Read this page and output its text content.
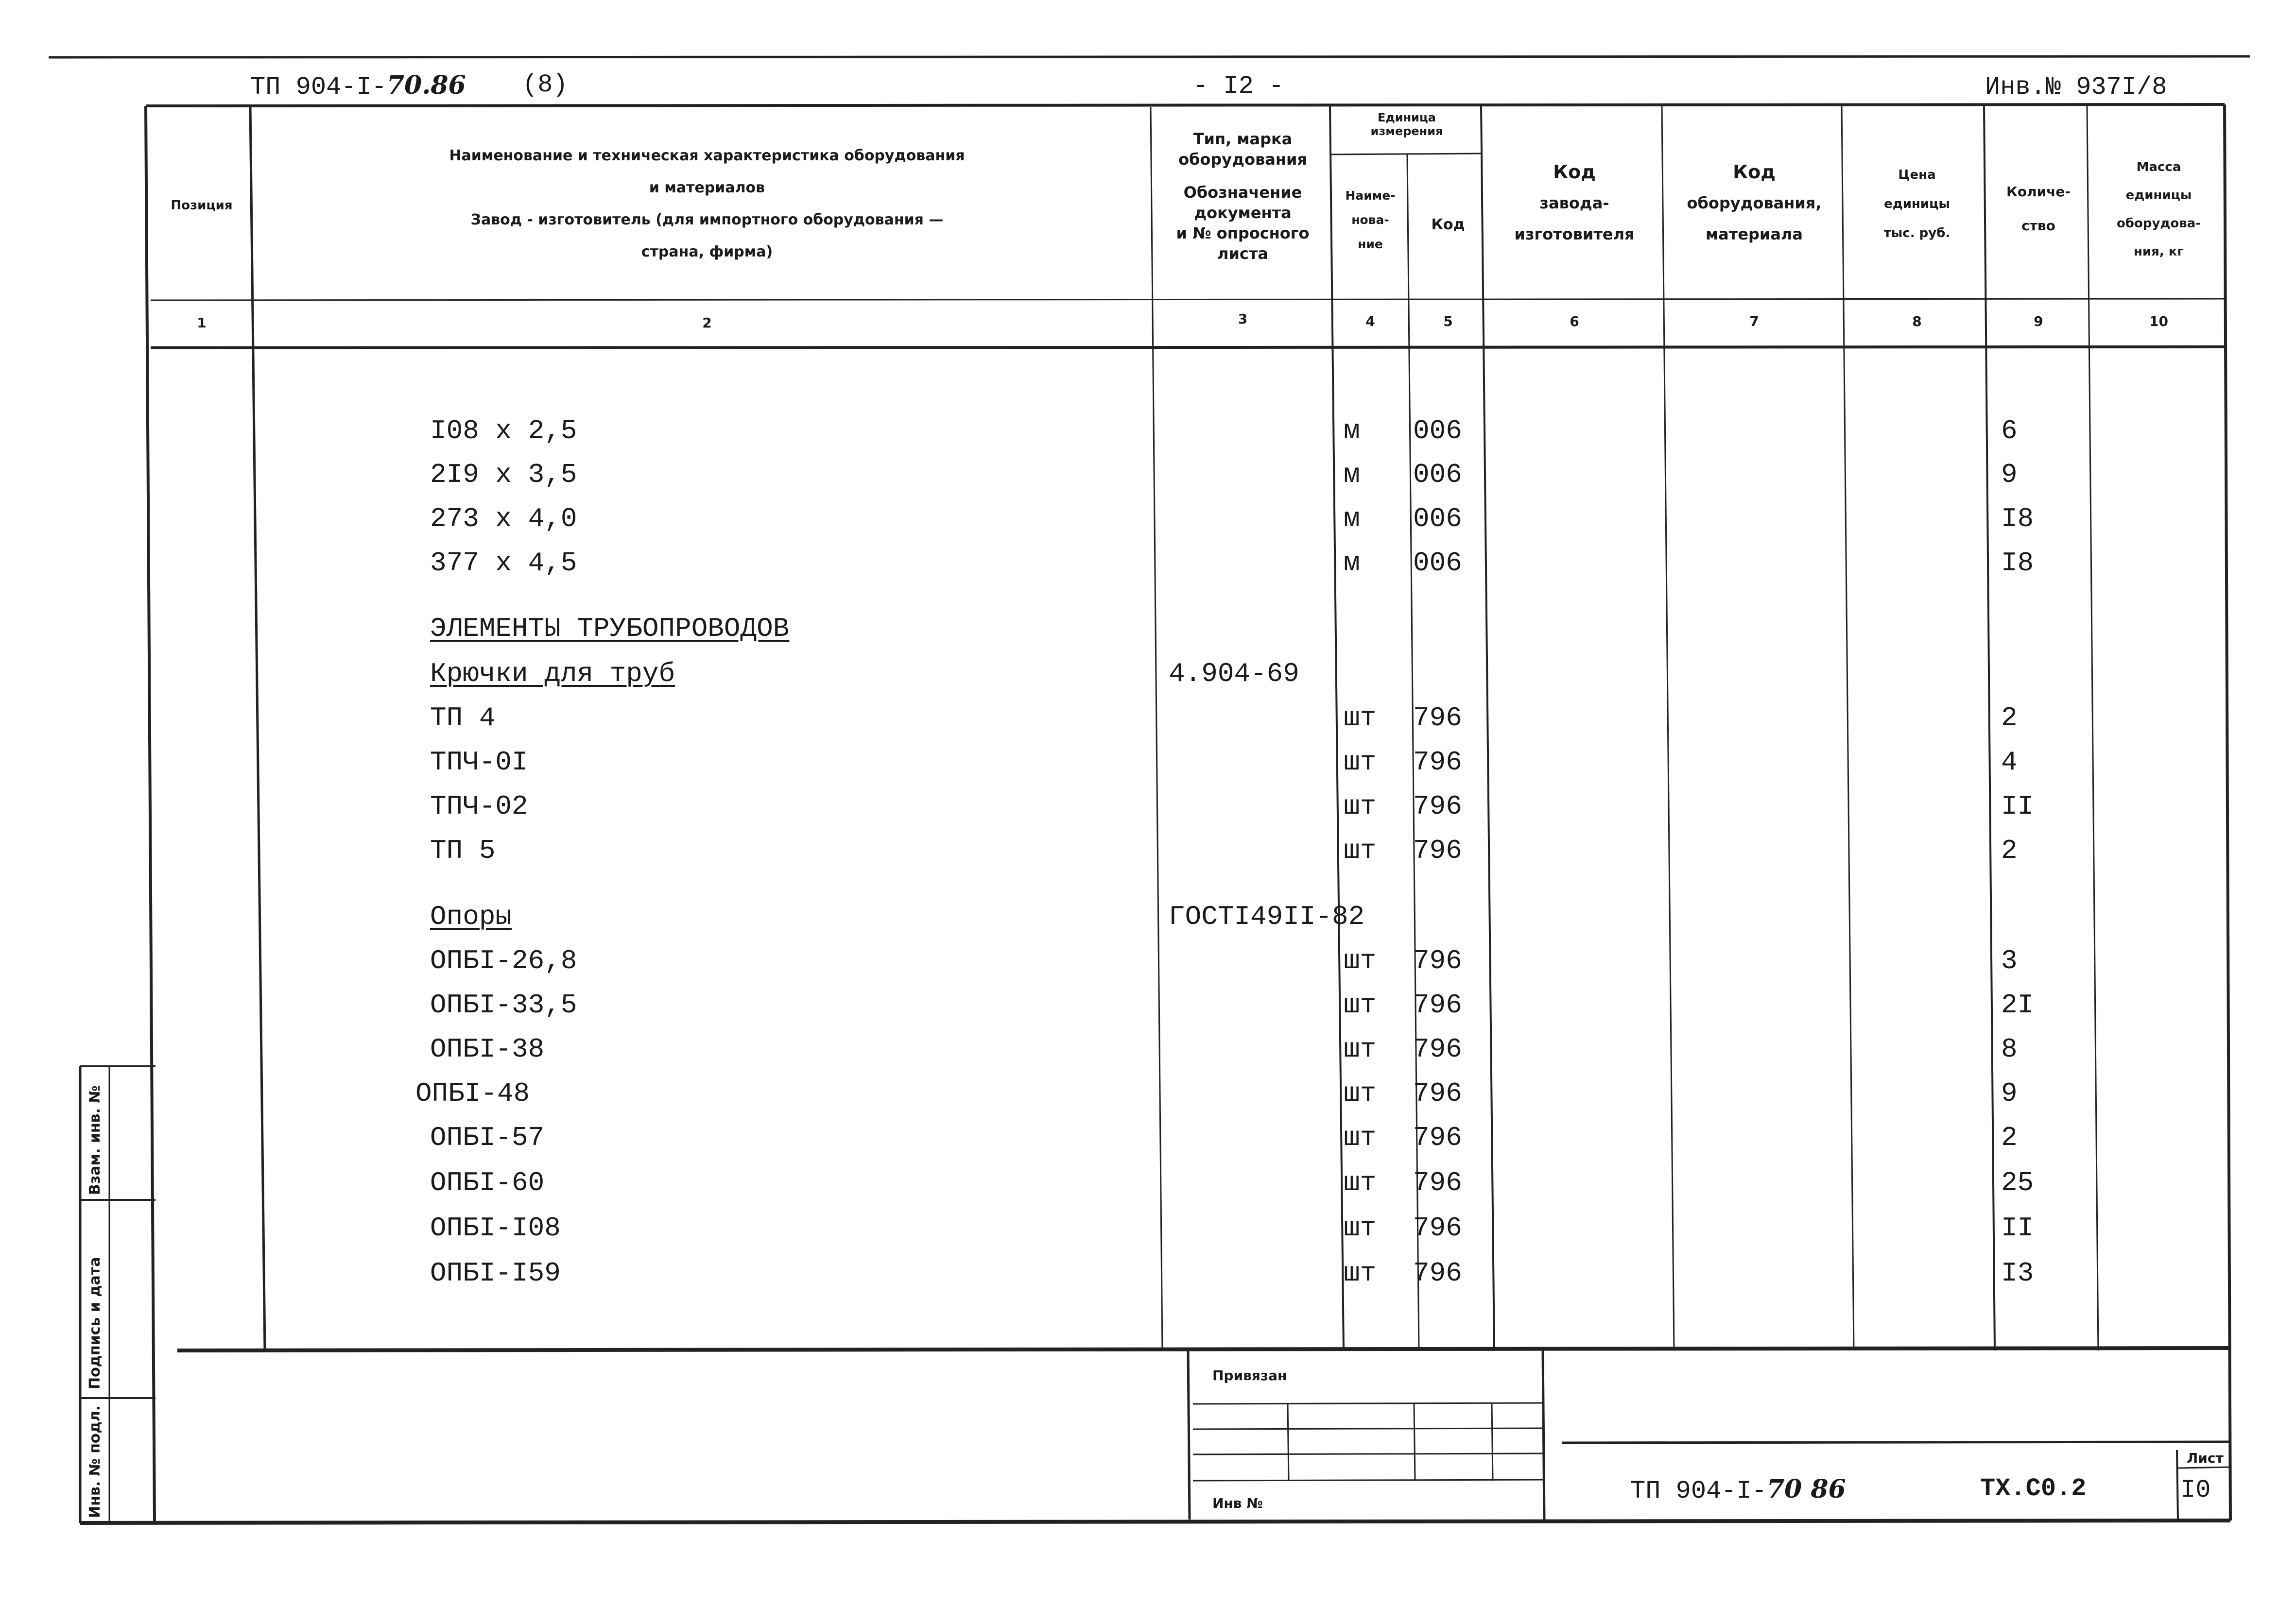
ТП 904-I-70.86 (8)	- I2 -	Инв.№ 937I/8
Позиция
Наименование и техническая характеристика оборудования
и материалов
Завод - изготовитель (для импортного оборудования —
страна, фирма)
Тип, марка
оборудования
Обозначение
документа
и № опросного
листа
Единица
измерения
Наиме-
нова-
ние
Код
Код
завода-
изготовителя
Код
оборудования,
материала
Цена
единицы
тыс. руб.
Количе-
ство
Масса
единицы
оборудова-
ния, кг
1	2	3	4	5	6	7	8	9	10
I08 x 2,5	м 006	6
2I9 x 3,5	м 006	9
273 x 4,0	м 006	I8
377 x 4,5	м 006	I8
ЭЛЕМЕНТЫ ТРУБОПРОВОДОВ
Крючки для труб	4.904-69
ТП 4	шт 796	2
ТПЧ-0I	шт 796	4
ТПЧ-02	шт 796	II
ТП 5	шт 796	2
Опоры	ГОСТI49II-82
ОПБI-26,8	шт 796	3
ОПБI-33,5	шт 796	2I
ОПБI-38	шт 796	8
ОПБI-48	шт 796	9
ОПБI-57	шт 796	2
ОПБI-60	шт 796	25
ОПБI-I08	шт 796	II
ОПБI-I59	шт 796	I3
Привязан
Инв №	ТП 904-I-70 86	ТХ.С0.2
Лист
I0
Взам. инв. №
Подпись и дата
Инв. № подл.
